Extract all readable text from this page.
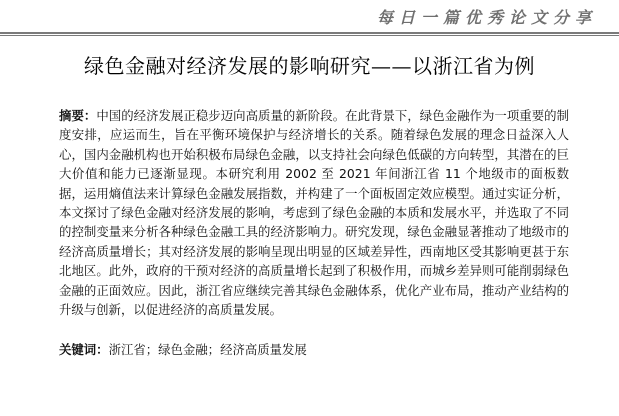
每日一篇优秀论文分享
绿色金融对经济发展的影响研究——以浙江省为例
摘要：中国的经济发展正稳步迈向高质量的新阶段。在此背景下，绿色金融作为一项重要的制度安排，应运而生，旨在平衡环境保护与经济增长的关系。随着绿色发展的理念日益深入人心，国内金融机构也开始积极布局绿色金融，以支持社会向绿色低碳的方向转型，其潜在的巨大价值和能力已逐渐显现。本研究利用 2002 至 2021 年间浙江省 11 个地级市的面板数据，运用熵值法来计算绿色金融发展指数，并构建了一个面板固定效应模型。通过实证分析，本文探讨了绿色金融对经济发展的影响，考虑到了绿色金融的本质和发展水平，并选取了不同的控制变量来分析各种绿色金融工具的经济影响力。研究发现，绿色金融显著推动了地级市的经济高质量增长；其对经济发展的影响呈现出明显的区域差异性，西南地区受其影响更甚于东北地区。此外，政府的干预对经济的高质量增长起到了积极作用，而城乡差异则可能削弱绿色金融的正面效应。因此，浙江省应继续完善其绿色金融体系，优化产业布局，推动产业结构的升级与创新，以促进经济的高质量发展。
关键词：浙江省；绿色金融；经济高质量发展
